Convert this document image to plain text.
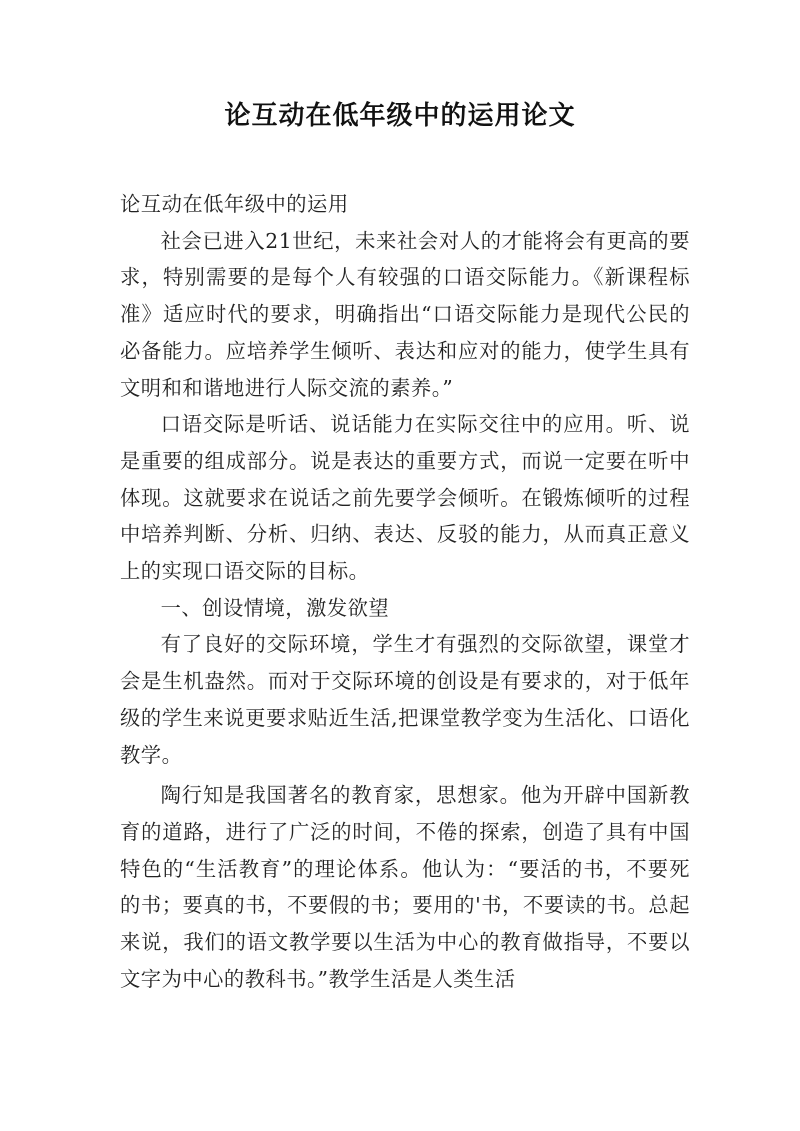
论互动在低年级中的运用论文

论互动在低年级中的运用

社会已进入21世纪，未来社会对人的才能将会有更高的要求，特别需要的是每个人有较强的口语交际能力。《新课程标准》适应时代的要求，明确指出“口语交际能力是现代公民的必备能力。应培养学生倾听、表达和应对的能力，使学生具有文明和和谐地进行人际交流的素养。”

口语交际是听话、说话能力在实际交往中的应用。听、说是重要的组成部分。说是表达的重要方式，而说一定要在听中体现。这就要求在说话之前先要学会倾听。在锻炼倾听的过程中培养判断、分析、归纳、表达、反驳的能力，从而真正意义上的实现口语交际的目标。

一、创设情境，激发欲望

有了良好的交际环境，学生才有强烈的交际欲望，课堂才会是生机盎然。而对于交际环境的创设是有要求的，对于低年级的学生来说更要求贴近生活,把课堂教学变为生活化、口语化教学。

陶行知是我国著名的教育家，思想家。他为开辟中国新教育的道路，进行了广泛的时间，不倦的探索，创造了具有中国特色的“生活教育”的理论体系。他认为：“要活的书，不要死的书；要真的书，不要假的书；要用的'书，不要读的书。总起来说，我们的语文教学要以生活为中心的教育做指导，不要以文字为中心的教科书。”教学生活是人类生活
